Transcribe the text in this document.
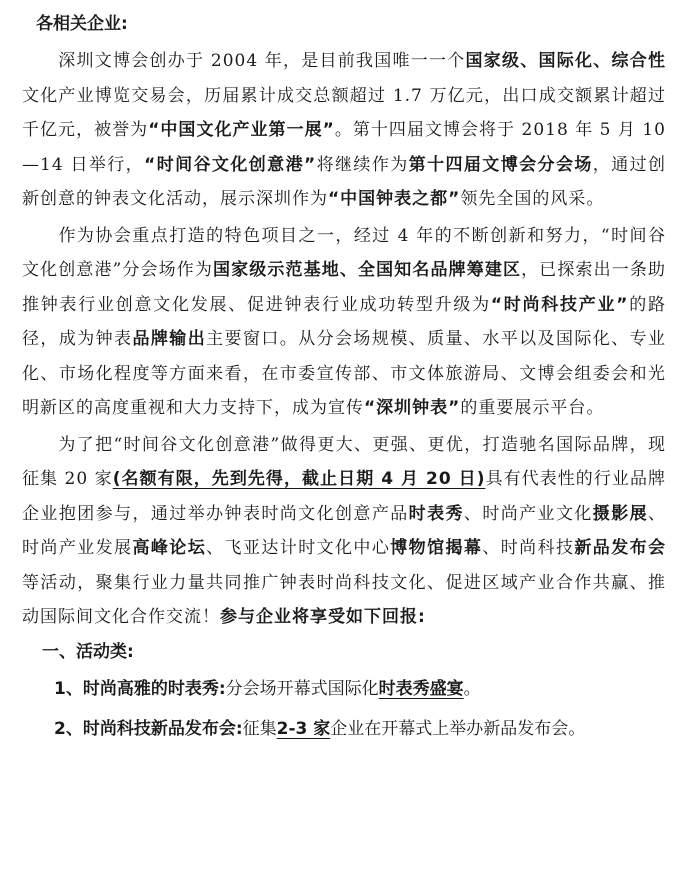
各相关企业:

深圳文博会创办于 2004 年，是目前我国唯一一个国家级、国际化、综合性文化产业博览交易会，历届累计成交总额超过 1.7 万亿元，出口成交额累计超过千亿元，被誉为“中国文化产业第一展”。第十四届文博会将于 2018 年 5 月 10—14 日举行，“时间谷文化创意港”将继续作为第十四届文博会分会场，通过创新创意的钟表文化活动，展示深圳作为“中国钟表之都”领先全国的风采。

作为协会重点打造的特色项目之一，经过 4 年的不断创新和努力，“时间谷文化创意港”分会场作为国家级示范基地、全国知名品牌筹建区，已探索出一条助推钟表行业创意文化发展、促进钟表行业成功转型升级为“时尚科技产业”的路径，成为钟表品牌输出主要窗口。从分会场规模、质量、水平以及国际化、专业化、市场化程度等方面来看，在市委宣传部、市文体旅游局、文博会组委会和光明新区的高度重视和大力支持下，成为宣传“深圳钟表”的重要展示平台。

为了把“时间谷文化创意港”做得更大、更强、更优，打造驰名国际品牌，现征集 20 家(名额有限，先到先得，截止日期 4 月 20 日)具有代表性的行业品牌企业抱团参与，通过举办钟表时尚文化创意产品时表秀、时尚产业文化摄影展、时尚产业发展高峰论坛、飞亚达计时文化中心博物馆揭幕、时尚科技新品发布会等活动，聚集行业力量共同推广钟表时尚科技文化、促进区域产业合作共赢、推动国际间文化合作交流！参与企业将享受如下回报:

一、活动类:

1、时尚高雅的时表秀:分会场开幕式国际化时表秀盛宴。

2、时尚科技新品发布会:征集2-3 家企业在开幕式上举办新品发布会。
